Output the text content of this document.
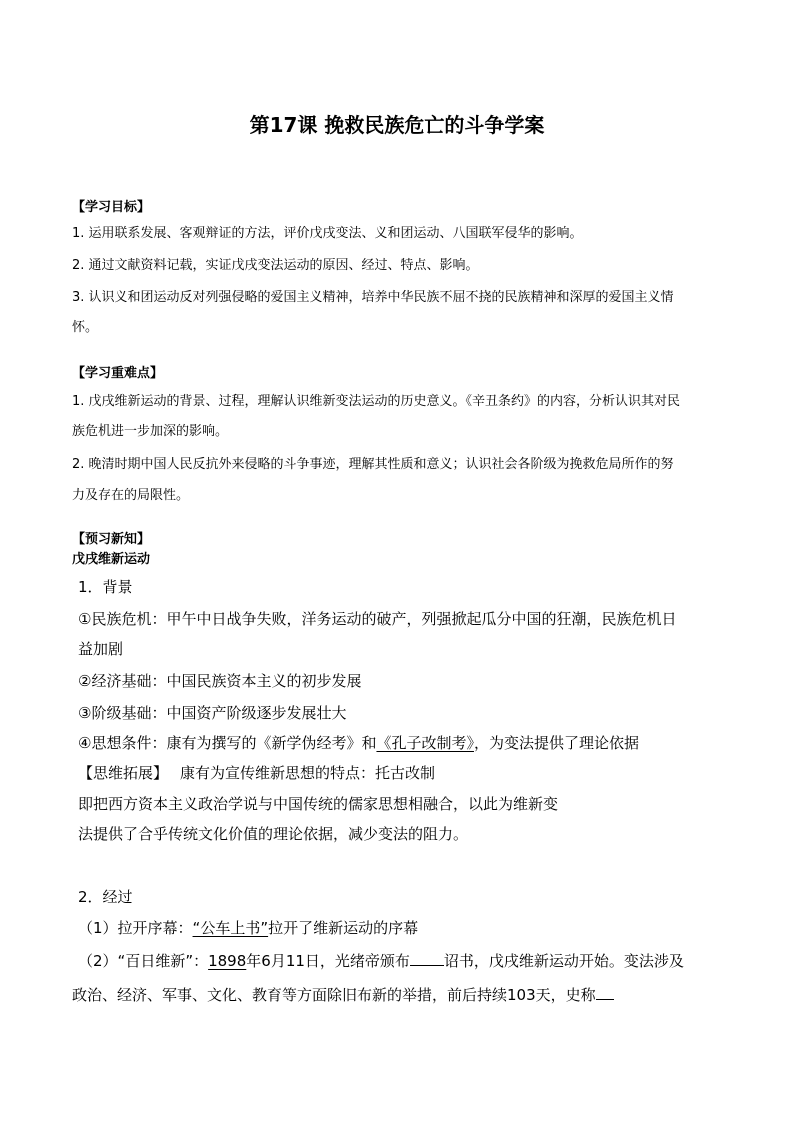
第17课 挽救民族危亡的斗争学案
【学习目标】
1. 运用联系发展、客观辩证的方法，评价戊戌变法、义和团运动、八国联军侵华的影响。
2. 通过文献资料记载，实证戊戌变法运动的原因、经过、特点、影响。
3. 认识义和团运动反对列强侵略的爱国主义精神，培养中华民族不屈不挠的民族精神和深厚的爱国主义情
怀。
【学习重难点】
1. 戊戌维新运动的背景、过程，理解认识维新变法运动的历史意义。《辛丑条约》的内容，分析认识其对民
族危机进一步加深的影响。
2. 晚清时期中国人民反抗外来侵略的斗争事迹，理解其性质和意义；认识社会各阶级为挽救危局所作的努
力及存在的局限性。
【预习新知】
戊戌维新运动
1．背景
①民族危机：甲午中日战争失败，洋务运动的破产，列强掀起瓜分中国的狂潮，民族危机日
益加剧
②经济基础：中国民族资本主义的初步发展
③阶级基础：中国资产阶级逐步发展壮大
④思想条件：康有为撰写的《新学伪经考》和《孔子改制考》，为变法提供了理论依据
【思维拓展】 康有为宣传维新思想的特点：托古改制
即把西方资本主义政治学说与中国传统的儒家思想相融合，以此为维新变
法提供了合乎传统文化价值的理论依据，减少变法的阻力。
2．经过
（1）拉开序幕：“公车上书”拉开了维新运动的序幕
（2）“百日维新”：1898年6月11日，光绪帝颁布 诏书，戊戌维新运动开始。变法涉及
政治、经济、军事、文化、教育等方面除旧布新的举措，前后持续103天，史称
